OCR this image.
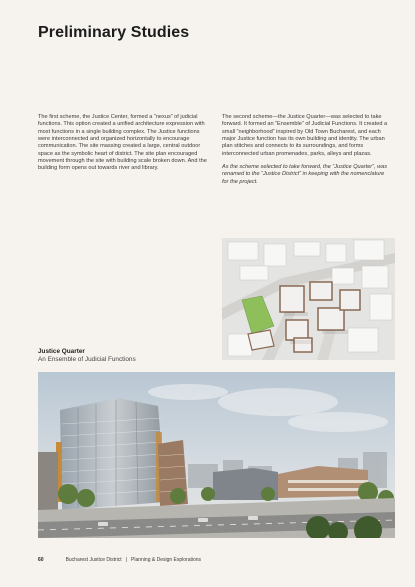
Preliminary Studies

The first scheme, the Justice Center, formed a “nexus” of judicial functions. This option created a unified architecture expression with most functions in a single building complex. The Justice functions were interconnected and organized horizontally to encourage communication. The site massing created a large, central outdoor space as the symbolic heart of district. The site plan encouraged movement through the site with building scale broken down. And the building form opens out towards river and library.

The second scheme—the Justice Quarter—was selected to take forward. It formed an “Ensemble” of Judicial Functions. It created a small “neighborhood” inspired by Old Town Bucharest, and each major Justice function has its own building and identity. The urban plan stitches and connects to its surroundings, and forms interconnected urban promenades, parks, alleys and plazas.

As the scheme selected to take forward, the “Justice Quarter”, was renamed to the “Justice District” in keeping with the nomenclature for the project.

Justice Quarter
An Ensemble of Judicial Functions
60	Bucharest Justice District | Planning & Design Explorations
